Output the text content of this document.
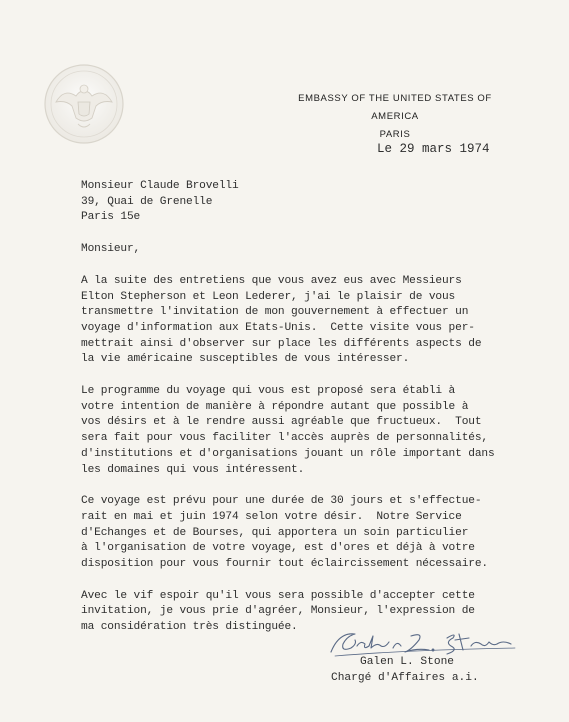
EMBASSY OF THE UNITED STATES OF AMERICA
PARIS
Le 29 mars 1974
Monsieur Claude Brovelli
39, Quai de Grenelle
Paris 15e
Monsieur,
A la suite des entretiens que vous avez eus avec Messieurs
Elton Stepherson et Leon Lederer, j'ai le plaisir de vous
transmettre l'invitation de mon gouvernement à effectuer un
voyage d'information aux Etats-Unis.  Cette visite vous per-
mettrait ainsi d'observer sur place les différents aspects de
la vie américaine susceptibles de vous intéresser.
Le programme du voyage qui vous est proposé sera établi à
votre intention de manière à répondre autant que possible à
vos désirs et à le rendre aussi agréable que fructueux.  Tout
sera fait pour vous faciliter l'accès auprès de personnalités,
d'institutions et d'organisations jouant un rôle important dans
les domaines qui vous intéressent.
Ce voyage est prévu pour une durée de 30 jours et s'effectue-
rait en mai et juin 1974 selon votre désir.  Notre Service
d'Echanges et de Bourses, qui apportera un soin particulier
à l'organisation de votre voyage, est d'ores et déjà à votre
disposition pour vous fournir tout éclaircissement nécessaire.
Avec le vif espoir qu'il vous sera possible d'accepter cette
invitation, je vous prie d'agréer, Monsieur, l'expression de
ma considération très distinguée.
Galen L. Stone
Chargé d'Affaires a.i.
